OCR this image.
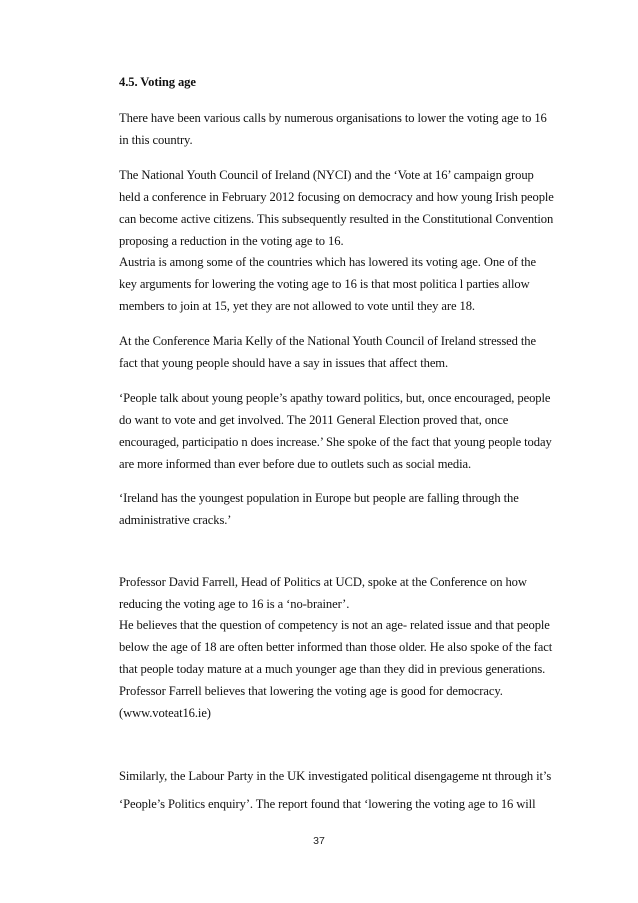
4.5. Voting age
There have been various calls by numerous organisations to lower the voting age to 16
in this country.
The National Youth Council of Ireland (NYCI) and the ‘Vote at 16’ campaign group
held a conference in February 2012 focusing on democracy and how young Irish people
can become active citizens. This subsequently resulted in the Constitutional Convention
proposing a reduction in the voting age to 16.
Austria is among some of the countries which has lowered its voting age. One of the
key arguments for lowering the voting age to 16 is that most politica l parties allow
members to join at 15, yet they are not allowed to vote until they are 18.
At the Conference Maria Kelly of the National Youth Council of Ireland stressed the
fact that young people should have a say in issues that affect them.
‘People talk about young people’s apathy toward politics, but, once encouraged, people
do want to vote and get involved. The 2011 General Election proved that, once
encouraged, participatio n does increase.’ She spoke of the fact that young people today
are more informed than ever before due to outlets such as social media.
‘Ireland has the youngest population in Europe but people are falling through the
administrative cracks.’
Professor David Farrell, Head of Politics at UCD, spoke at the Conference on how
reducing the voting age to 16 is a ‘no-brainer’.
He believes that the question of competency is not an age- related issue and that people
below the age of 18 are often better informed than those older. He also spoke of the fact
that people today mature at a much younger age than they did in previous generations.
Professor Farrell believes that lowering the voting age is good for democracy.
(www.voteat16.ie)
Similarly, the Labour Party in the UK investigated political disengageme nt through it’s
‘People’s Politics enquiry’. The report found that ‘lowering the voting age to 16 will
37
